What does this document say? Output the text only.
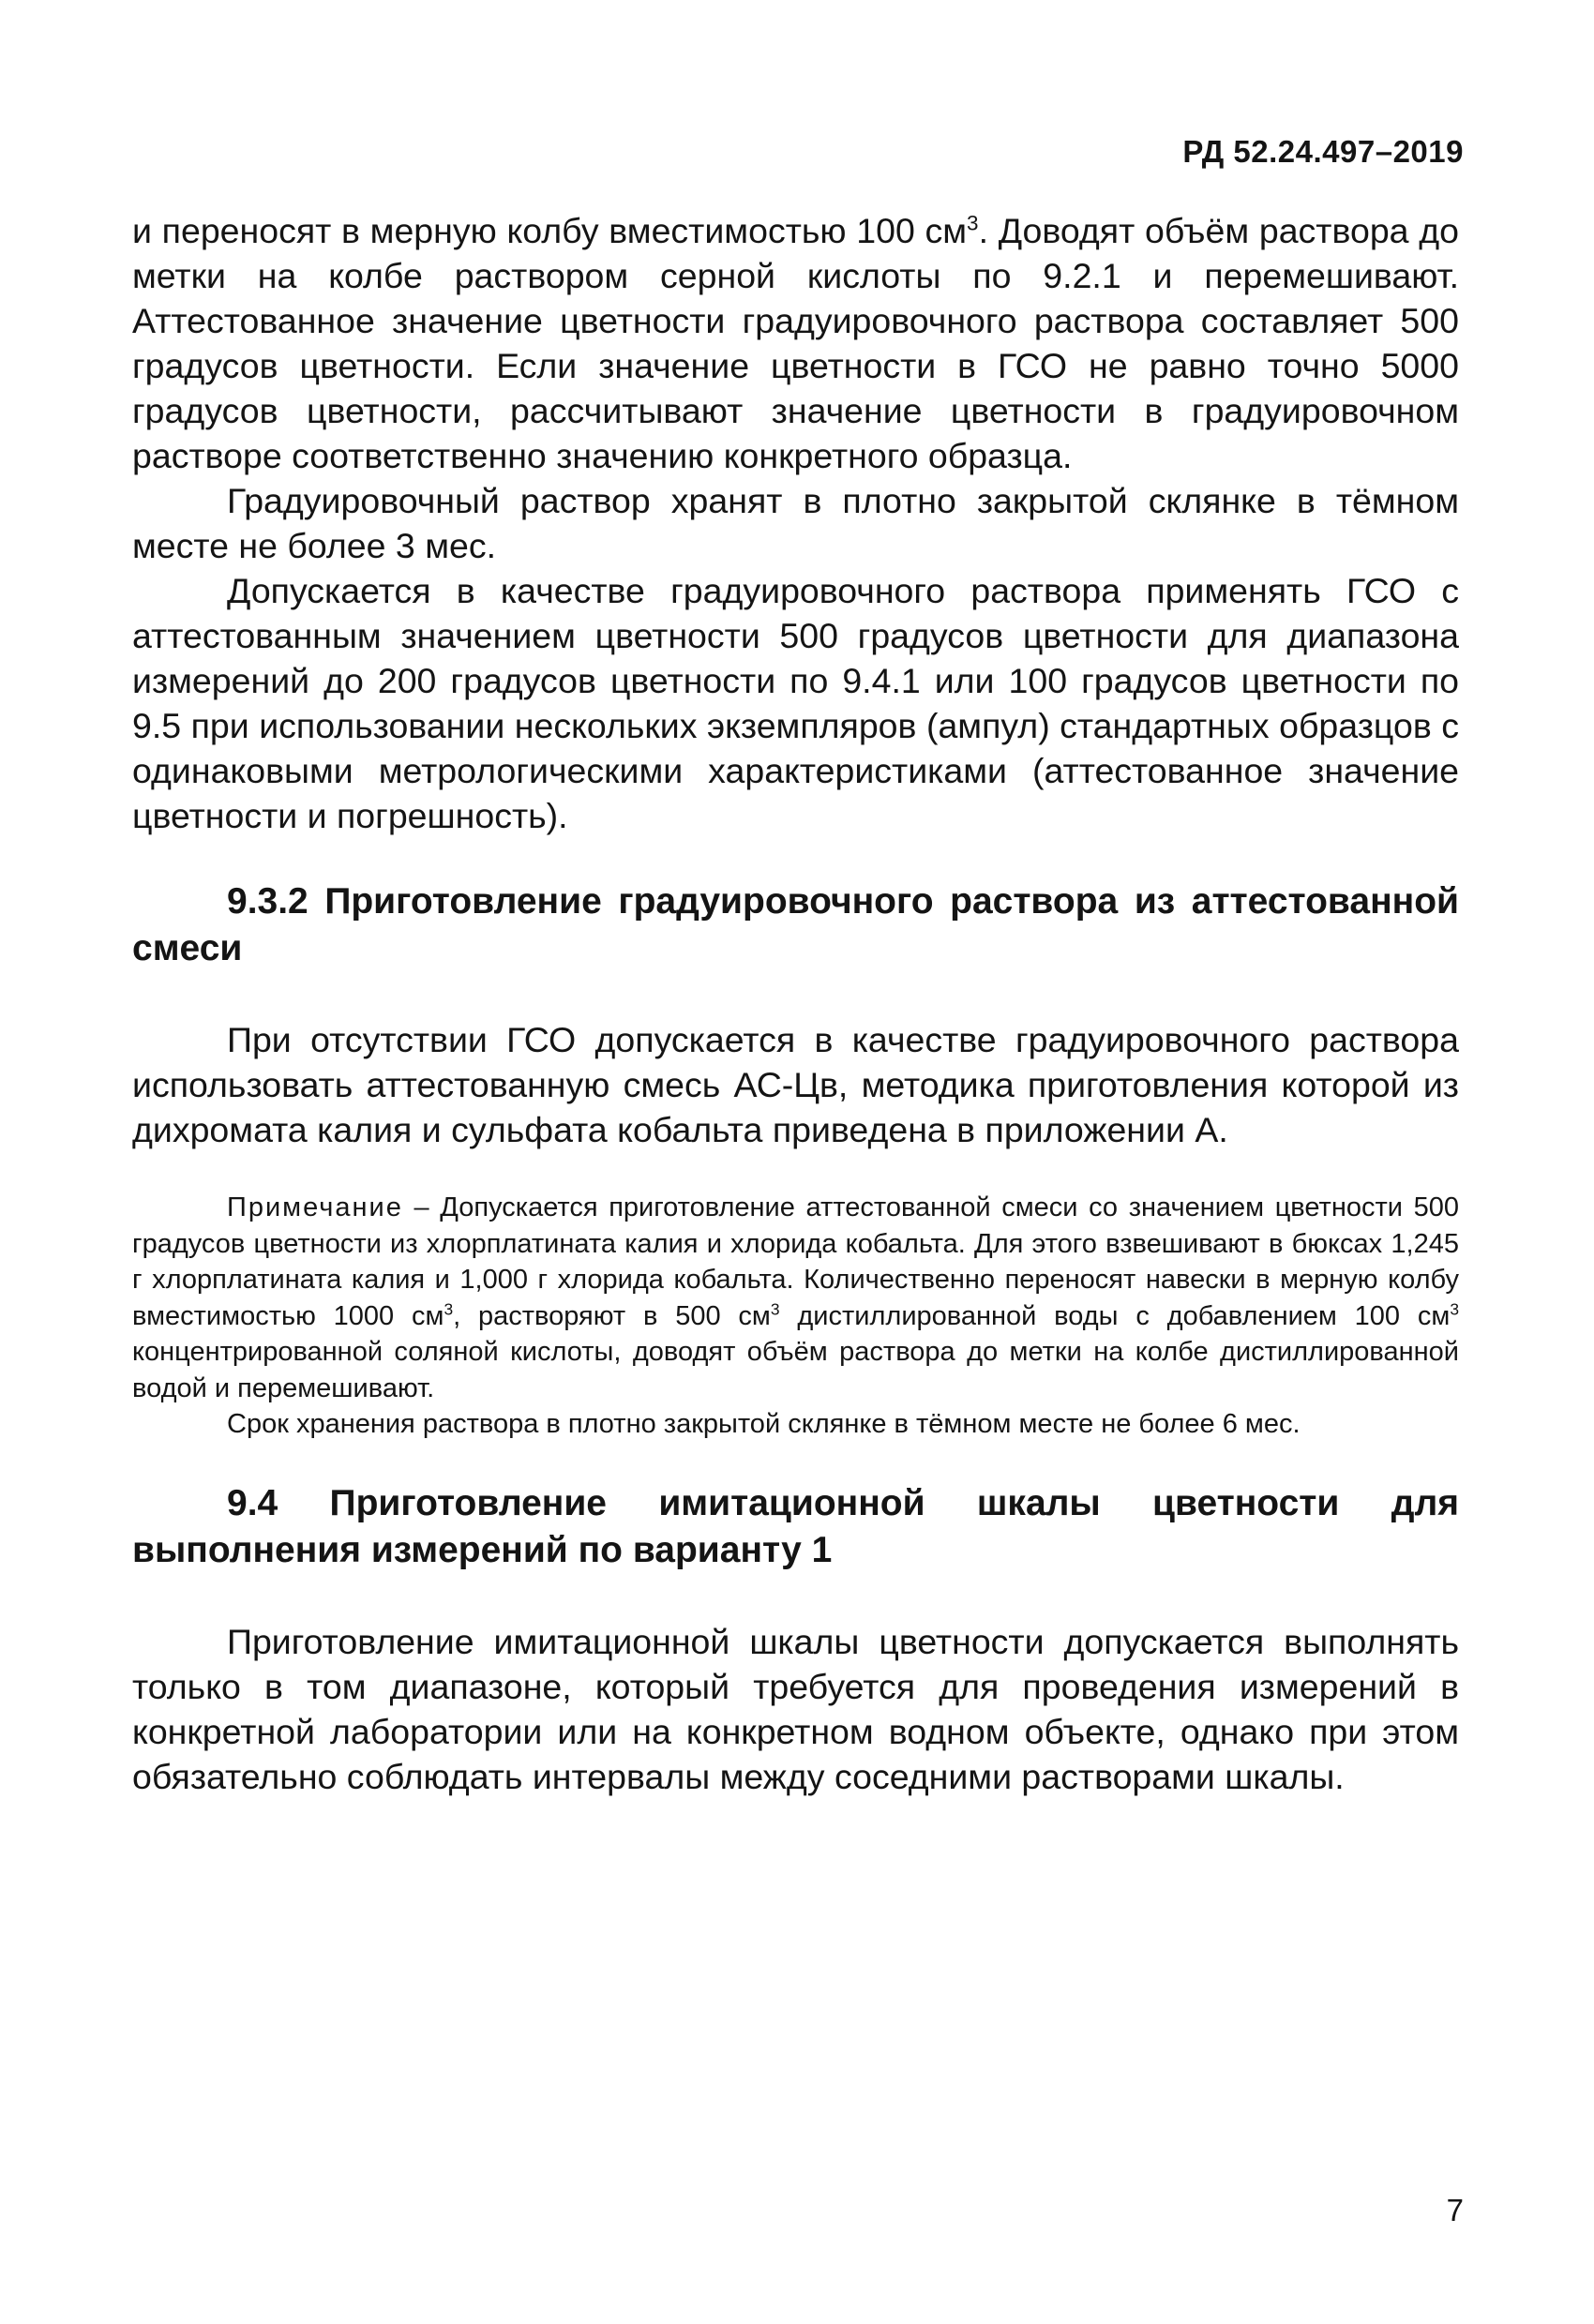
РД 52.24.497–2019

и переносят в мерную колбу вместимостью 100 $см^3$. Доводят объём раствора до метки на колбе раствором серной кислоты по 9.2.1 и перемешивают. Аттестованное значение цветности градуировочного раствора составляет 500 градусов цветности. Если значение цветности в ГСО не равно точно 5000 градусов цветности, рассчитывают значение цветности в градуировочном растворе соответственно значению конкретного образца.

Градуировочный раствор хранят в плотно закрытой склянке в тёмном месте не более 3 мес.

Допускается в качестве градуировочного раствора применять ГСО с аттестованным значением цветности 500 градусов цветности для диапазона измерений до 200 градусов цветности по 9.4.1 или 100 градусов цветности по 9.5 при использовании нескольких экземпляров (ампул) стандартных образцов с одинаковыми метрологическими характеристиками (аттестованное значение цветности и погрешность).

9.3.2 Приготовление градуировочного раствора из аттестованной смеси

При отсутствии ГСО допускается в качестве градуировочного раствора использовать аттестованную смесь АС-Цв, методика приготовления которой из дихромата калия и сульфата кобальта приведена в приложении А.

Примечание – Допускается приготовление аттестованной смеси со значением цветности 500 градусов цветности из хлорплатината калия и хлорида кобальта. Для этого взвешивают в бюксах 1,245 г хлорплатината калия и 1,000 г хлорида кобальта. Количественно переносят навески в мерную колбу вместимостью 1000 $см^3$, растворяют в 500 $см^3$ дистиллированной воды с добавлением 100 $см^3$ концентрированной соляной кислоты, доводят объём раствора до метки на колбе дистиллированной водой и перемешивают.

Срок хранения раствора в плотно закрытой склянке в тёмном месте не более 6 мес.

9.4 Приготовление имитационной шкалы цветности для выполнения измерений по варианту 1

Приготовление имитационной шкалы цветности допускается выполнять только в том диапазоне, который требуется для проведения измерений в конкретной лаборатории или на конкретном водном объекте, однако при этом обязательно соблюдать интервалы между соседними растворами шкалы.

7
